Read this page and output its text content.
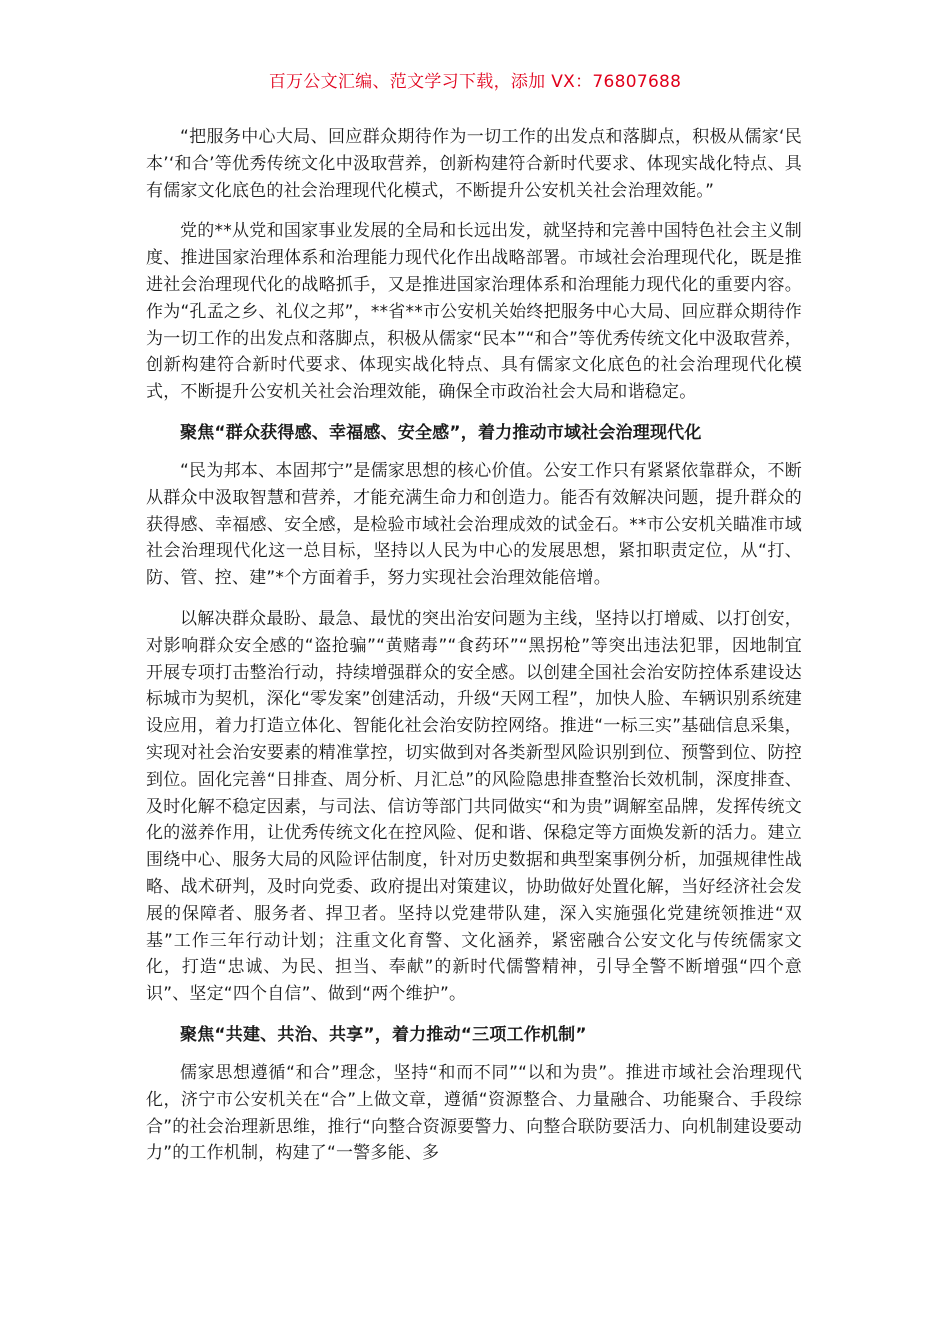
百万公文汇编、范文学习下载，添加 VX：76807688

“把服务中心大局、回应群众期待作为一切工作的出发点和落脚点，积极从儒家‘民本’‘和合’等优秀传统文化中汲取营养，创新构建符合新时代要求、体现实战化特点、具有儒家文化底色的社会治理现代化模式，不断提升公安机关社会治理效能。”

党的**从党和国家事业发展的全局和长远出发，就坚持和完善中国特色社会主义制度、推进国家治理体系和治理能力现代化作出战略部署。市域社会治理现代化，既是推进社会治理现代化的战略抓手，又是推进国家治理体系和治理能力现代化的重要内容。作为“孔孟之乡、礼仪之邦”，**省**市公安机关始终把服务中心大局、回应群众期待作为一切工作的出发点和落脚点，积极从儒家“民本”“和合”等优秀传统文化中汲取营养，创新构建符合新时代要求、体现实战化特点、具有儒家文化底色的社会治理现代化模式，不断提升公安机关社会治理效能，确保全市政治社会大局和谐稳定。

聚焦“群众获得感、幸福感、安全感”，着力推动市域社会治理现代化

“民为邦本、本固邦宁”是儒家思想的核心价值。公安工作只有紧紧依靠群众，不断从群众中汲取智慧和营养，才能充满生命力和创造力。能否有效解决问题，提升群众的获得感、幸福感、安全感，是检验市域社会治理成效的试金石。**市公安机关瞄准市域社会治理现代化这一总目标，坚持以人民为中心的发展思想，紧扣职责定位，从“打、防、管、控、建”*个方面着手，努力实现社会治理效能倍增。

以解决群众最盼、最急、最忧的突出治安问题为主线，坚持以打增威、以打创安，对影响群众安全感的“盗抢骗”“黄赌毒”“食药环”“黑拐枪”等突出违法犯罪，因地制宜开展专项打击整治行动，持续增强群众的安全感。以创建全国社会治安防控体系建设达标城市为契机，深化“零发案”创建活动，升级“天网工程”，加快人脸、车辆识别系统建设应用，着力打造立体化、智能化社会治安防控网络。推进“一标三实”基础信息采集，实现对社会治安要素的精准掌控，切实做到对各类新型风险识别到位、预警到位、防控到位。固化完善“日排查、周分析、月汇总”的风险隐患排查整治长效机制，深度排查、及时化解不稳定因素，与司法、信访等部门共同做实“和为贵”调解室品牌，发挥传统文化的滋养作用，让优秀传统文化在控风险、促和谐、保稳定等方面焕发新的活力。建立围绕中心、服务大局的风险评估制度，针对历史数据和典型案事例分析，加强规律性战略、战术研判，及时向党委、政府提出对策建议，协助做好处置化解，当好经济社会发展的保障者、服务者、捍卫者。坚持以党建带队建，深入实施强化党建统领推进“双基”工作三年行动计划；注重文化育警、文化涵养，紧密融合公安文化与传统儒家文化，打造“忠诚、为民、担当、奉献”的新时代儒警精神，引导全警不断增强“四个意识”、坚定“四个自信”、做到“两个维护”。

聚焦“共建、共治、共享”，着力推动“三项工作机制”

儒家思想遵循“和合”理念，坚持“和而不同”“以和为贵”。推进市域社会治理现代化，济宁市公安机关在“合”上做文章，遵循“资源整合、力量融合、功能聚合、手段综合”的社会治理新思维，推行“向整合资源要警力、向整合联防要活力、向机制建设要动力”的工作机制，构建了“一警多能、多
